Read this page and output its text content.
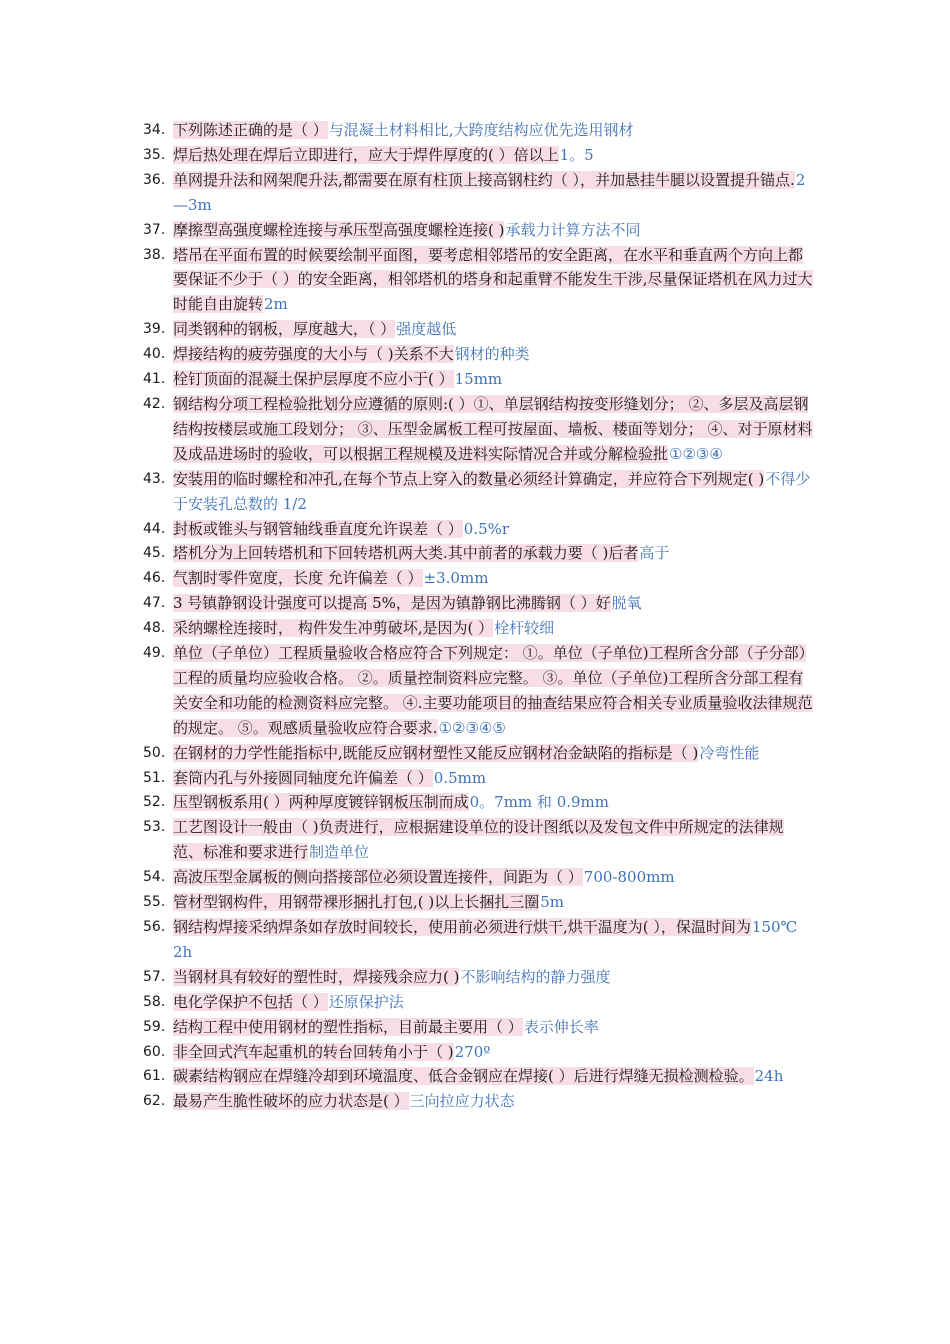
34. 下列陈述正确的是（ ）与混凝土材料相比,大跨度结构应优先选用钢材
35. 焊后热处理在焊后立即进行，应大于焊件厚度的( ）倍以上1。5
36. 单网提升法和网架爬升法,都需要在原有柱顶上接高钢柱约（ ），并加悬挂牛腿以设置提升锚点.2—3m
37. 摩擦型高强度螺栓连接与承压型高强度螺栓连接( )承载力计算方法不同
38. 塔吊在平面布置的时候要绘制平面图，要考虑相邻塔吊的安全距离，在水平和垂直两个方向上都要保证不少于（ ）的安全距离，相邻塔机的塔身和起重臂不能发生干涉,尽量保证塔机在风力过大时能自由旋转2m
39. 同类钢种的钢板，厚度越大，（ ）强度越低
40. 焊接结构的疲劳强度的大小与（ )关系不大钢材的种类
41. 栓钉顶面的混凝土保护层厚度不应小于( ）15mm
42. 钢结构分项工程检验批划分应遵循的原则:( ）①、单层钢结构按变形缝划分； ②、多层及高层钢结构按楼层或施工段划分； ③、压型金属板工程可按屋面、墙板、楼面等划分； ④、对于原材料及成品进场时的验收，可以根据工程规模及进料实际情况合并或分解检验批①②③④
43. 安装用的临时螺栓和冲孔,在每个节点上穿入的数量必须经计算确定，并应符合下列规定( )不得少于安装孔总数的 1/2
44. 封板或锥头与钢管轴线垂直度允许误差（ ）0.5%r
45. 塔机分为上回转塔机和下回转塔机两大类.其中前者的承载力要（ )后者高于
46. 气割时零件宽度，长度 允许偏差（ ）±3.0mm
47. 3 号镇静钢设计强度可以提高 5%，是因为镇静钢比沸腾钢（ ）好脱氧
48. 采纳螺栓连接时， 构件发生冲剪破坏,是因为( ）栓杆较细
49. 单位（子单位）工程质量验收合格应符合下列规定： ①。单位（子单位)工程所含分部（子分部）工程的质量均应验收合格。 ②。质量控制资料应完整。 ③。单位（子单位)工程所含分部工程有关安全和功能的检测资料应完整。 ④.主要功能项目的抽查结果应符合相关专业质量验收法律规范的规定。 ⑤。观感质量验收应符合要求.①②③④⑤
50. 在钢材的力学性能指标中,既能反应钢材塑性又能反应钢材冶金缺陷的指标是（ )冷弯性能
51. 套筒内孔与外接圆同轴度允许偏差（ ）0.5mm
52. 压型钢板系用( ）两种厚度镀锌钢板压制而成0。7mm 和 0.9mm
53. 工艺图设计一般由（ )负责进行，应根据建设单位的设计图纸以及发包文件中所规定的法律规范、标准和要求进行制造单位
54. 高波压型金属板的侧向搭接部位必须设置连接件，间距为（ ）700-800mm
55. 管材型钢构件，用钢带裸形捆扎打包,( )以上长捆扎三圈5m
56. 钢结构焊接采纳焊条如存放时间较长，使用前必须进行烘干,烘干温度为( ），保温时间为150℃ 2h
57. 当钢材具有较好的塑性时，焊接残余应力( )不影响结构的静力强度
58. 电化学保护不包括（ ）还原保护法
59. 结构工程中使用钢材的塑性指标，目前最主要用（ ）表示伸长率
60. 非全回式汽车起重机的转台回转角小于（ )270º
61. 碳素结构钢应在焊缝冷却到环境温度、低合金钢应在焊接( ）后进行焊缝无损检测检验。24h
62. 最易产生脆性破坏的应力状态是( ）三向拉应力状态
